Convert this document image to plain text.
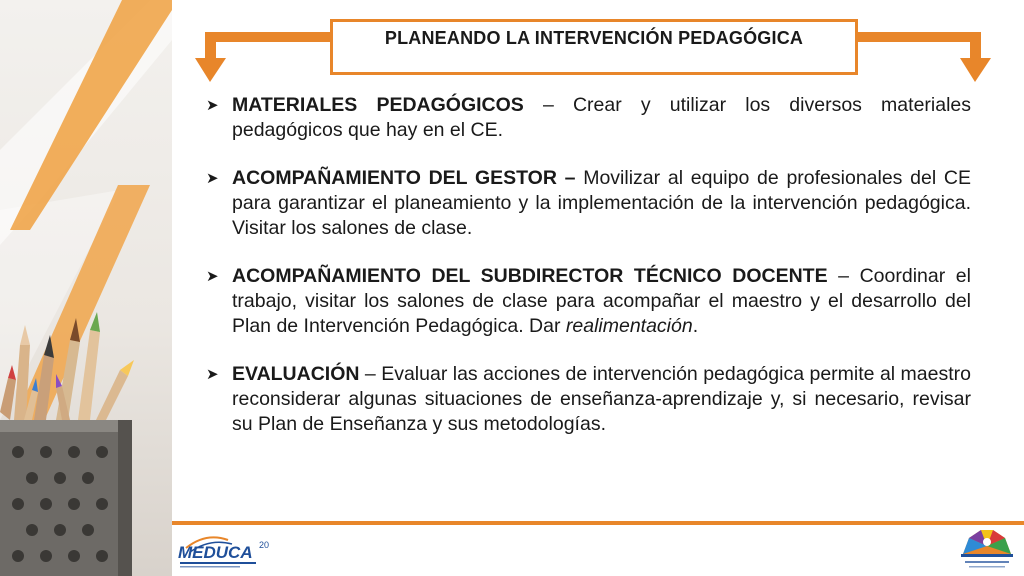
PLANEANDO LA INTERVENCIÓN PEDAGÓGICA
➤ MATERIALES PEDAGÓGICOS – Crear y utilizar los diversos materiales pedagógicos que hay en el CE.
➤ ACOMPAÑAMIENTO DEL GESTOR – Movilizar al equipo de profesionales del CE para garantizar el planeamiento y la implementación de la intervención pedagógica. Visitar los salones de clase.
➤ ACOMPAÑAMIENTO DEL SUBDIRECTOR TÉCNICO DOCENTE – Coordinar el trabajo, visitar los salones de clase para acompañar el maestro y el desarrollo del Plan de Intervención Pedagógica. Dar realimentación.
➤ EVALUACIÓN – Evaluar las acciones de intervención pedagógica permite al maestro reconsiderar algunas situaciones de enseñanza-aprendizaje y, si necesario, revisar su Plan de Enseñanza y sus metodologías.
MEDUCA 20
